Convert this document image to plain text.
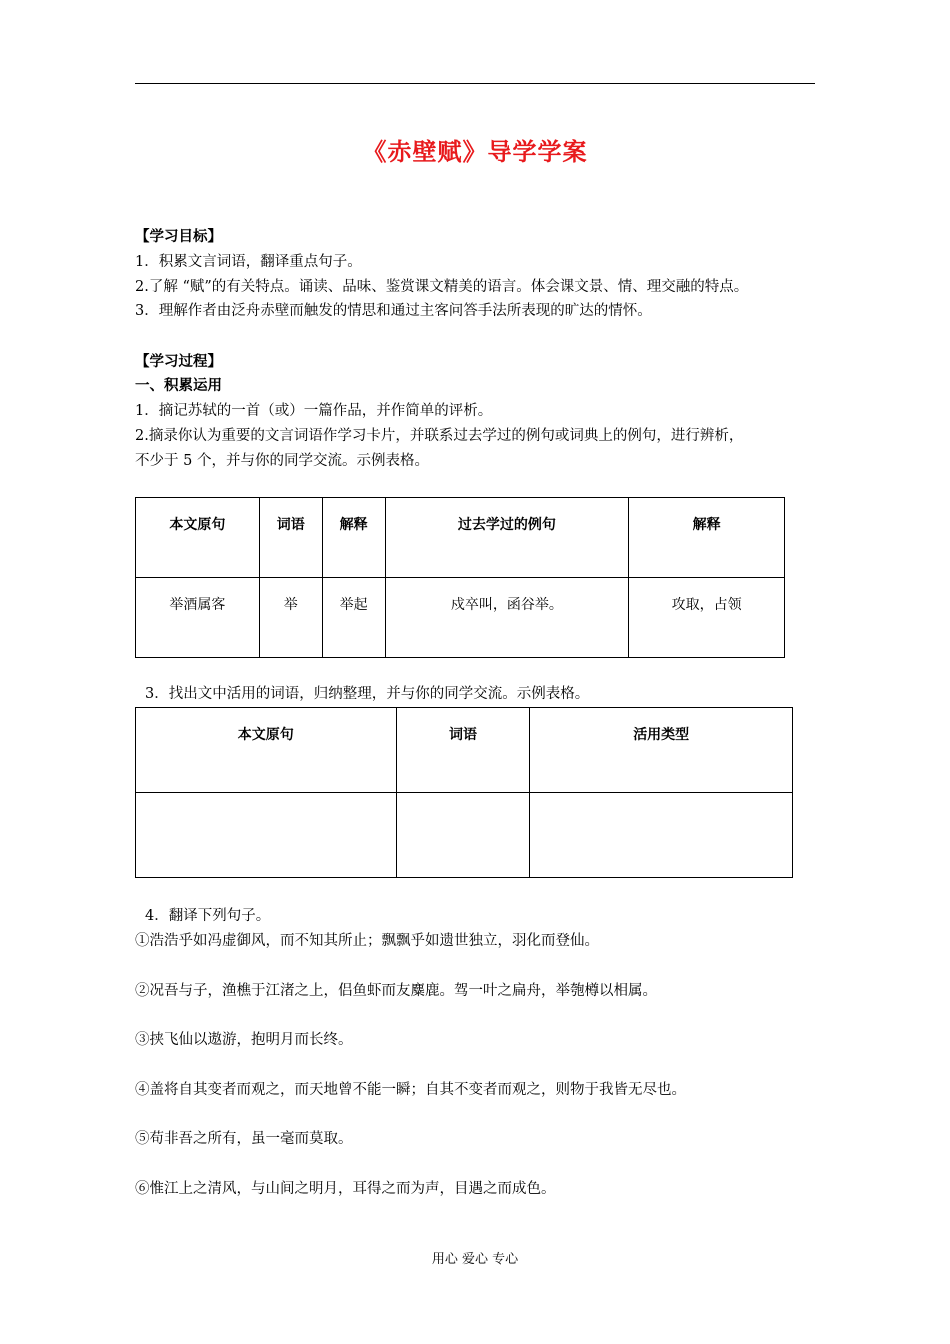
《赤壁赋》导学学案
【学习目标】
1．积累文言词语，翻译重点句子。
2.了解 “赋”的有关特点。诵读、品味、鉴赏课文精美的语言。体会课文景、情、理交融的特点。
3．理解作者由泛舟赤壁而触发的情思和通过主客问答手法所表现的旷达的情怀。
【学习过程】
一、积累运用
1．摘记苏轼的一首（或）一篇作品，并作简单的评析。
2.摘录你认为重要的文言词语作学习卡片，并联系过去学过的例句或词典上的例句，进行辨析，
不少于 5 个，并与你的同学交流。示例表格。
本文原句	词语	解释	过去学过的例句	解释
举酒属客	举	举起	戍卒叫，函谷举。	攻取，占领
3．找出文中活用的词语，归纳整理，并与你的同学交流。示例表格。
本文原句	词语	活用类型

4．翻译下列句子。
①浩浩乎如冯虚御风，而不知其所止；飘飘乎如遗世独立，羽化而登仙。
②况吾与子，渔樵于江渚之上，侣鱼虾而友麋鹿。驾一叶之扁舟，举匏樽以相属。
③挟飞仙以遨游，抱明月而长终。
④盖将自其变者而观之，而天地曾不能一瞬；自其不变者而观之，则物于我皆无尽也。
⑤苟非吾之所有，虽一毫而莫取。
⑥惟江上之清风，与山间之明月，耳得之而为声，目遇之而成色。
用心 爱心 专心
